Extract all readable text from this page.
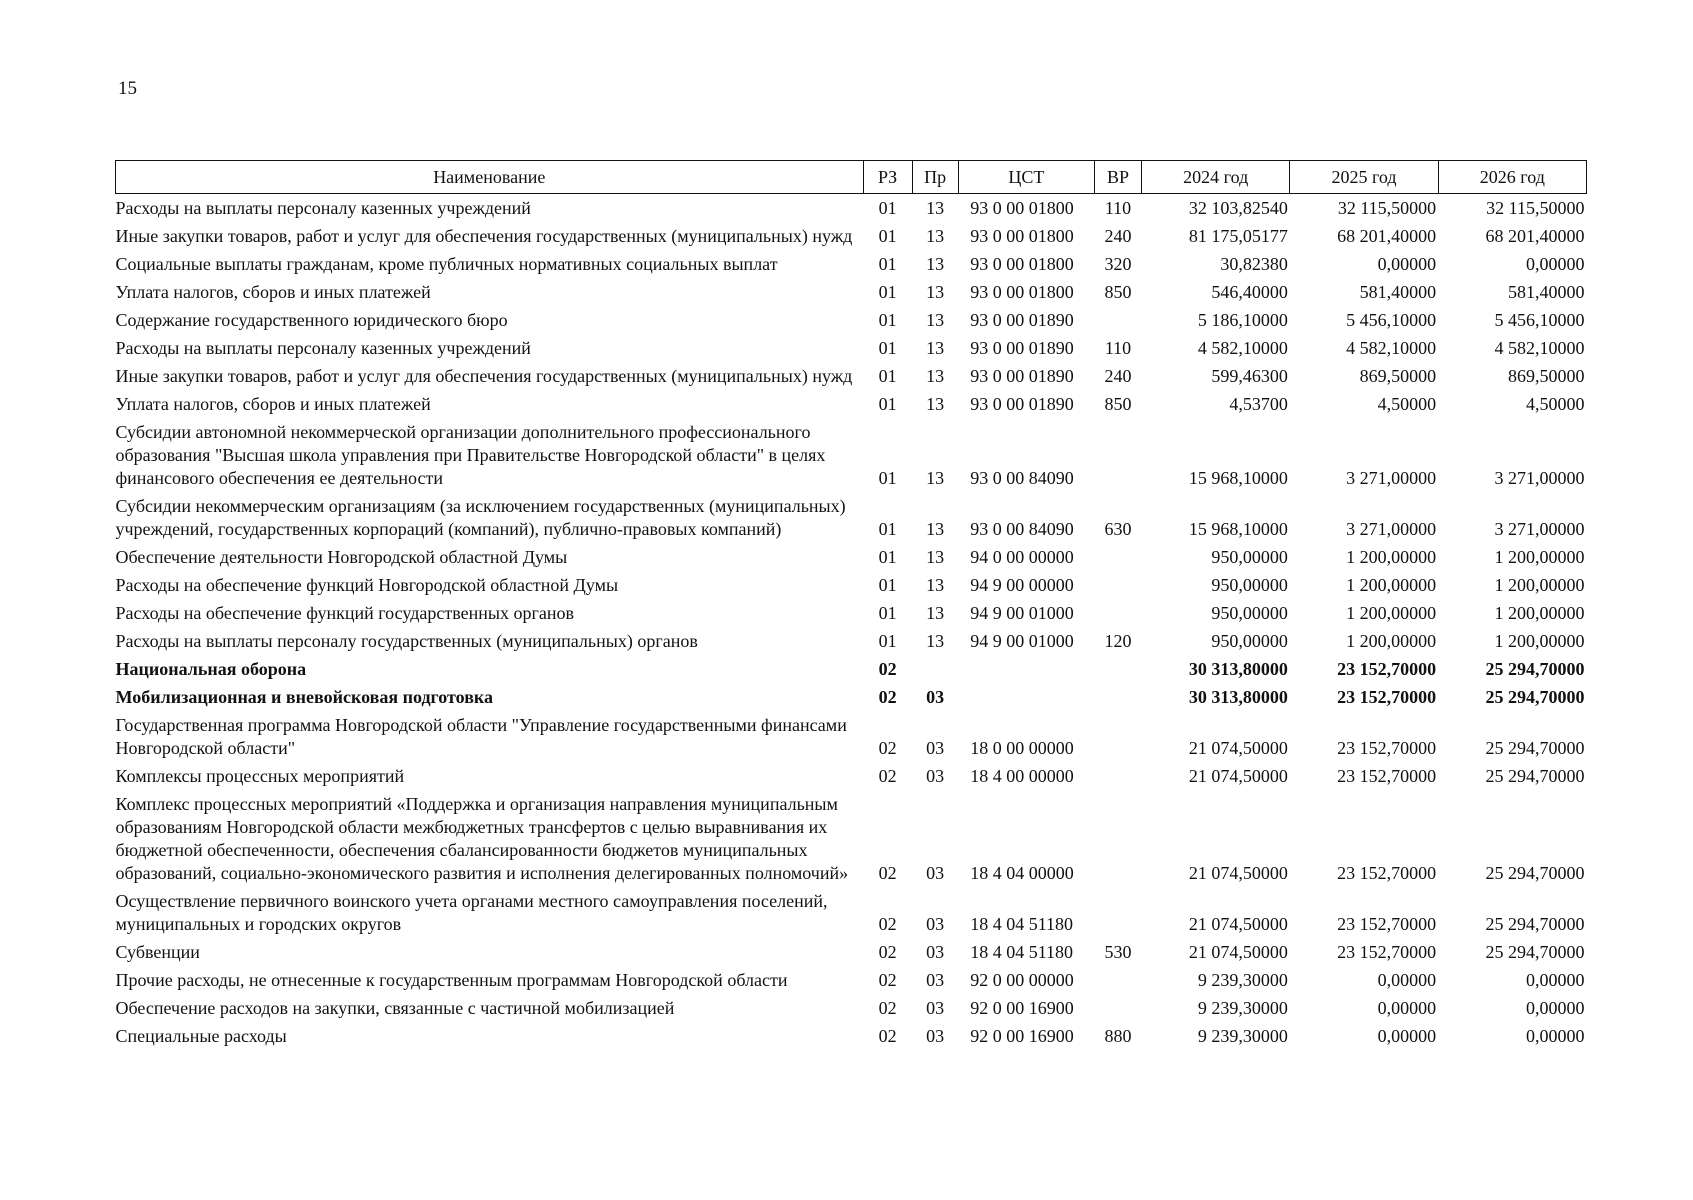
15
Наименование	РЗ	Пр	ЦСТ	ВР	2024 год	2025 год	2026 год
Расходы на выплаты персоналу казенных учреждений	01	13	93 0 00 01800	110	32 103,82540	32 115,50000	32 115,50000
Иные закупки товаров, работ и услуг для обеспечения государственных (муниципальных) нужд	01	13	93 0 00 01800	240	81 175,05177	68 201,40000	68 201,40000
Социальные выплаты гражданам, кроме публичных нормативных социальных выплат	01	13	93 0 00 01800	320	30,82380	0,00000	0,00000
Уплата налогов, сборов и иных платежей	01	13	93 0 00 01800	850	546,40000	581,40000	581,40000
Содержание государственного юридического бюро	01	13	93 0 00 01890		5 186,10000	5 456,10000	5 456,10000
Расходы на выплаты персоналу казенных учреждений	01	13	93 0 00 01890	110	4 582,10000	4 582,10000	4 582,10000
Иные закупки товаров, работ и услуг для обеспечения государственных (муниципальных) нужд	01	13	93 0 00 01890	240	599,46300	869,50000	869,50000
Уплата налогов, сборов и иных платежей	01	13	93 0 00 01890	850	4,53700	4,50000	4,50000
Субсидии автономной некоммерческой организации дополнительного профессионального образования "Высшая школа управления при Правительстве Новгородской области" в целях финансового обеспечения ее деятельности	01	13	93 0 00 84090		15 968,10000	3 271,00000	3 271,00000
Субсидии некоммерческим организациям (за исключением государственных (муниципальных) учреждений, государственных корпораций (компаний), публично-правовых компаний)	01	13	93 0 00 84090	630	15 968,10000	3 271,00000	3 271,00000
Обеспечение деятельности Новгородской областной Думы	01	13	94 0 00 00000		950,00000	1 200,00000	1 200,00000
Расходы на обеспечение функций Новгородской областной Думы	01	13	94 9 00 00000		950,00000	1 200,00000	1 200,00000
Расходы на обеспечение функций государственных органов	01	13	94 9 00 01000		950,00000	1 200,00000	1 200,00000
Расходы на выплаты персоналу государственных (муниципальных) органов	01	13	94 9 00 01000	120	950,00000	1 200,00000	1 200,00000
Национальная оборона	02				30 313,80000	23 152,70000	25 294,70000
Мобилизационная и вневойсковая подготовка	02	03			30 313,80000	23 152,70000	25 294,70000
Государственная программа Новгородской области "Управление государственными финансами Новгородской области"	02	03	18 0 00 00000		21 074,50000	23 152,70000	25 294,70000
Комплексы процессных мероприятий	02	03	18 4 00 00000		21 074,50000	23 152,70000	25 294,70000
Комплекс процессных мероприятий «Поддержка и организация направления муниципальным образованиям Новгородской области межбюджетных трансфертов с целью выравнивания их бюджетной обеспеченности, обеспечения сбалансированности бюджетов муниципальных образований, социально-экономического развития и исполнения делегированных полномочий»	02	03	18 4 04 00000		21 074,50000	23 152,70000	25 294,70000
Осуществление первичного воинского учета органами местного самоуправления поселений, муниципальных и городских округов	02	03	18 4 04 51180		21 074,50000	23 152,70000	25 294,70000
Субвенции	02	03	18 4 04 51180	530	21 074,50000	23 152,70000	25 294,70000
Прочие расходы, не отнесенные к государственным программам Новгородской области	02	03	92 0 00 00000		9 239,30000	0,00000	0,00000
Обеспечение расходов на закупки, связанные с частичной мобилизацией	02	03	92 0 00 16900		9 239,30000	0,00000	0,00000
Специальные расходы	02	03	92 0 00 16900	880	9 239,30000	0,00000	0,00000
